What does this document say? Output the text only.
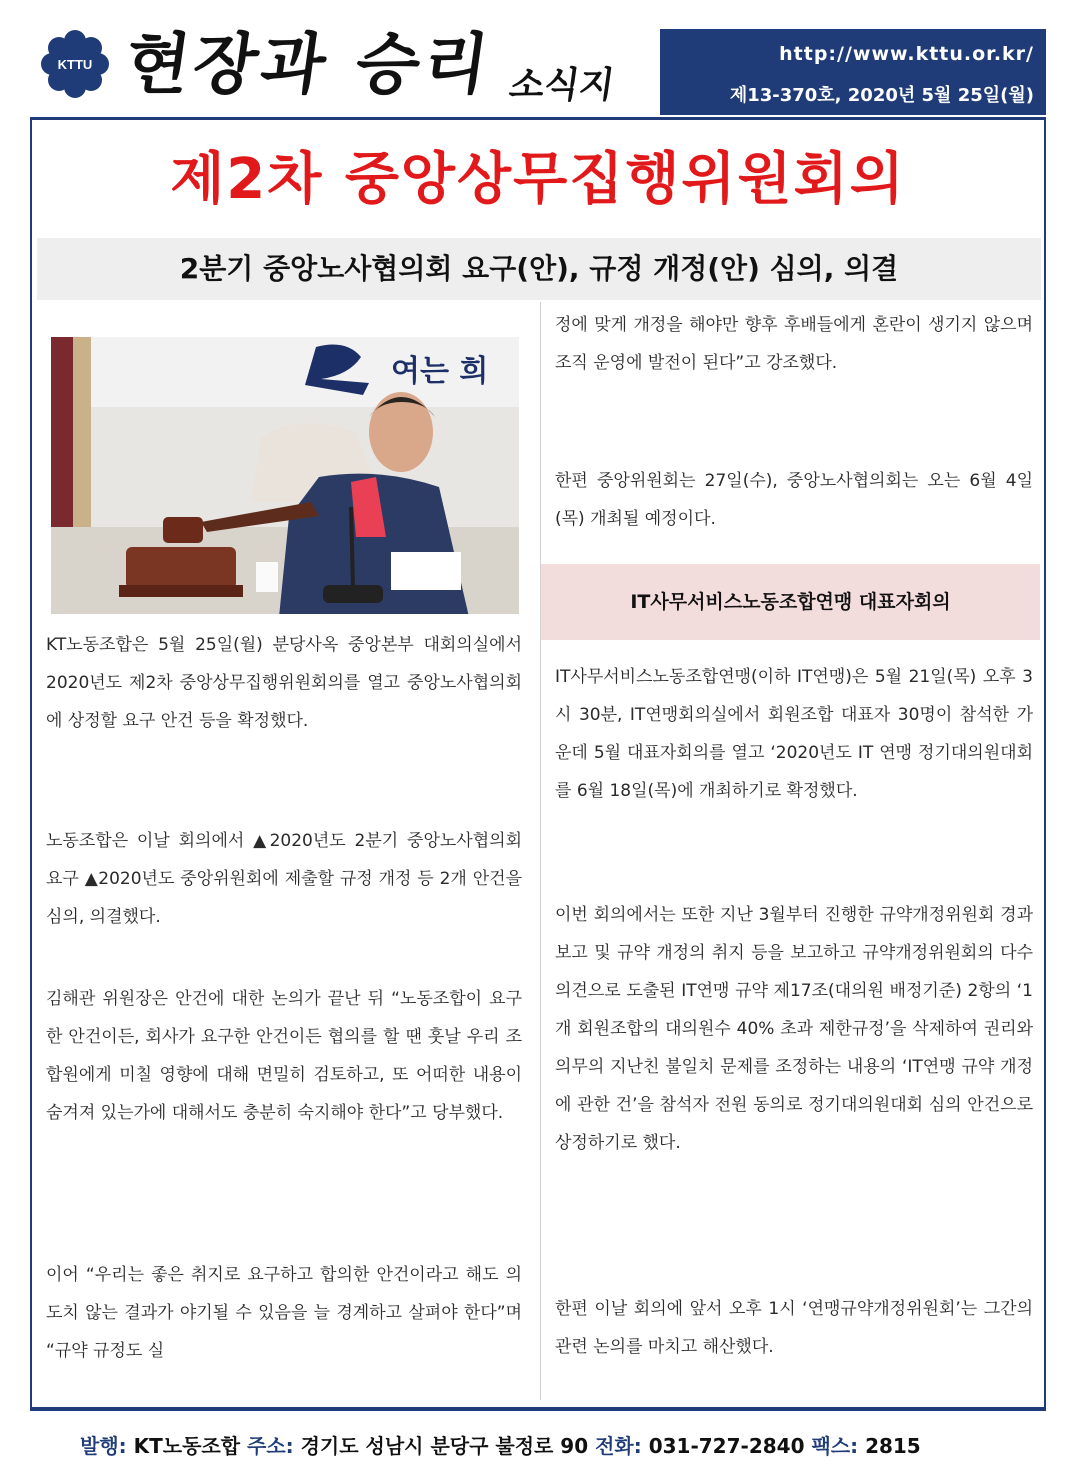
KTTU 현장과 승리 소식지
http://www.kttu.or.kr/
제13-370호, 2020년 5월 25일(월)
제2차 중앙상무집행위원회의
2분기 중앙노사협의회 요구(안), 규정 개정(안) 심의, 의결
여는 희
KT노동조합은 5월 25일(월) 분당사옥 중앙본부 대회의실에서 2020년도 제2차 중앙상무집행위원회의를 열고 중앙노사협의회에 상정할 요구 안건 등을 확정했다.
노동조합은 이날 회의에서 ▲2020년도 2분기 중앙노사협의회 요구 ▲2020년도 중앙위원회에 제출할 규정 개정 등 2개 안건을 심의, 의결했다.
김해관 위원장은 안건에 대한 논의가 끝난 뒤 “노동조합이 요구한 안건이든, 회사가 요구한 안건이든 협의를 할 땐 훗날 우리 조합원에게 미칠 영향에 대해 면밀히 검토하고, 또 어떠한 내용이 숨겨져 있는가에 대해서도 충분히 숙지해야 한다”고 당부했다.
이어 “우리는 좋은 취지로 요구하고 합의한 안건이라고 해도 의도치 않는 결과가 야기될 수 있음을 늘 경계하고 살펴야 한다”며 “규약 규정도 실
정에 맞게 개정을 해야만 향후 후배들에게 혼란이 생기지 않으며 조직 운영에 발전이 된다”고 강조했다.
한편 중앙위원회는 27일(수), 중앙노사협의회는 오는 6월 4일(목) 개최될 예정이다.
IT사무서비스노동조합연맹 대표자회의
IT사무서비스노동조합연맹(이하 IT연맹)은 5월 21일(목) 오후 3시 30분, IT연맹회의실에서 회원조합 대표자 30명이 참석한 가운데 5월 대표자회의를 열고 ‘2020년도 IT 연맹 정기대의원대회를 6월 18일(목)에 개최하기로 확정했다.
이번 회의에서는 또한 지난 3월부터 진행한 규약개정위원회 경과보고 및 규약 개정의 취지 등을 보고하고 규약개정위원회의 다수 의견으로 도출된 IT연맹 규약 제17조(대의원 배정기준) 2항의 ‘1개 회원조합의 대의원수 40% 초과 제한규정’을 삭제하여 권리와 의무의 지난친 불일치 문제를 조정하는 내용의 ‘IT연맹 규약 개정에 관한 건’을 참석자 전원 동의로 정기대의원대회 심의 안건으로 상정하기로 했다.
한편 이날 회의에 앞서 오후 1시 ‘연맹규약개정위원회’는 그간의 관련 논의를 마치고 해산했다.
발행: KT노동조합 주소: 경기도 성남시 분당구 불정로 90 전화: 031-727-2840 팩스: 2815
